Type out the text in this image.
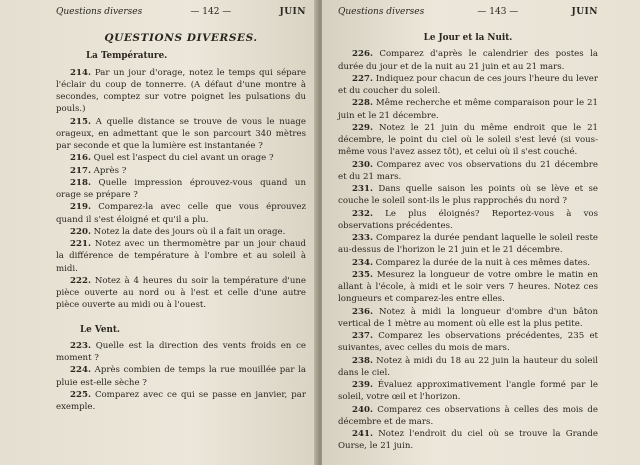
Questions diverses	— 142 —	JUIN
QUESTIONS DIVERSES.
La Température.

214. Par un jour d'orage, notez le temps qui sépare l'éclair du coup de tonnerre. (A défaut d'une montre à secondes, comptez sur votre poignet les pulsations du pouls.)

215. A quelle distance se trouve de vous le nuage orageux, en admettant que le son parcourt 340 mètres par seconde et que la lumière est instantanée ?

216. Quel est l'aspect du ciel avant un orage ?

217. Après ?

218. Quelle impression éprouvez-vous quand un orage se prépare ?

219. Comparez-la avec celle que vous éprouvez quand il s'est éloigné et qu'il a plu.

220. Notez la date des jours où il a fait un orage.

221. Notez avec un thermomètre par un jour chaud la différence de température à l'ombre et au soleil à midi.

222. Notez à 4 heures du soir la température d'une pièce ouverte au nord ou à l'est et celle d'une autre pièce ouverte au midi ou à l'ouest.

Le Vent.

223. Quelle est la direction des vents froids en ce moment ?

224. Après combien de temps la rue mouillée par la pluie est-elle sèche ?

225. Comparez avec ce qui se passe en janvier, par exemple.

Questions diverses	— 143 —	JUIN
Le Jour et la Nuit.

226. Comparez d'après le calendrier des postes la durée du jour et de la nuit au 21 juin et au 21 mars.

227. Indiquez pour chacun de ces jours l'heure du lever et du coucher du soleil.

228. Même recherche et même comparaison pour le 21 juin et le 21 décembre.

229. Notez le 21 juin du même endroit que le 21 décembre, le point du ciel où le soleil s'est levé (si vous-même vous l'avez assez tôt), et celui où il s'est couché.

230. Comparez avec vos observations du 21 décembre et du 21 mars.

231. Dans quelle saison les points où se lève et se couche le soleil sont-ils le plus rapprochés du nord ?

232. Le plus éloignés? Reportez-vous à vos observations précédentes.

233. Comparez la durée pendant laquelle le soleil reste au-dessus de l'horizon le 21 juin et le 21 décembre.

234. Comparez la durée de la nuit à ces mêmes dates.

235. Mesurez la longueur de votre ombre le matin en allant à l'école, à midi et le soir vers 7 heures. Notez ces longueurs et comparez-les entre elles.

236. Notez à midi la longueur d'ombre d'un bâton vertical de 1 mètre au moment où elle est la plus petite.

237. Comparez les observations précédentes, 235 et suivantes, avec celles du mois de mars.

238. Notez à midi du 18 au 22 juin la hauteur du soleil dans le ciel.

239. Évaluez approximativement l'angle formé par le soleil, votre œil et l'horizon.

240. Comparez ces observations à celles des mois de décembre et de mars.

241. Notez l'endroit du ciel où se trouve la Grande Ourse, le 21 juin.
